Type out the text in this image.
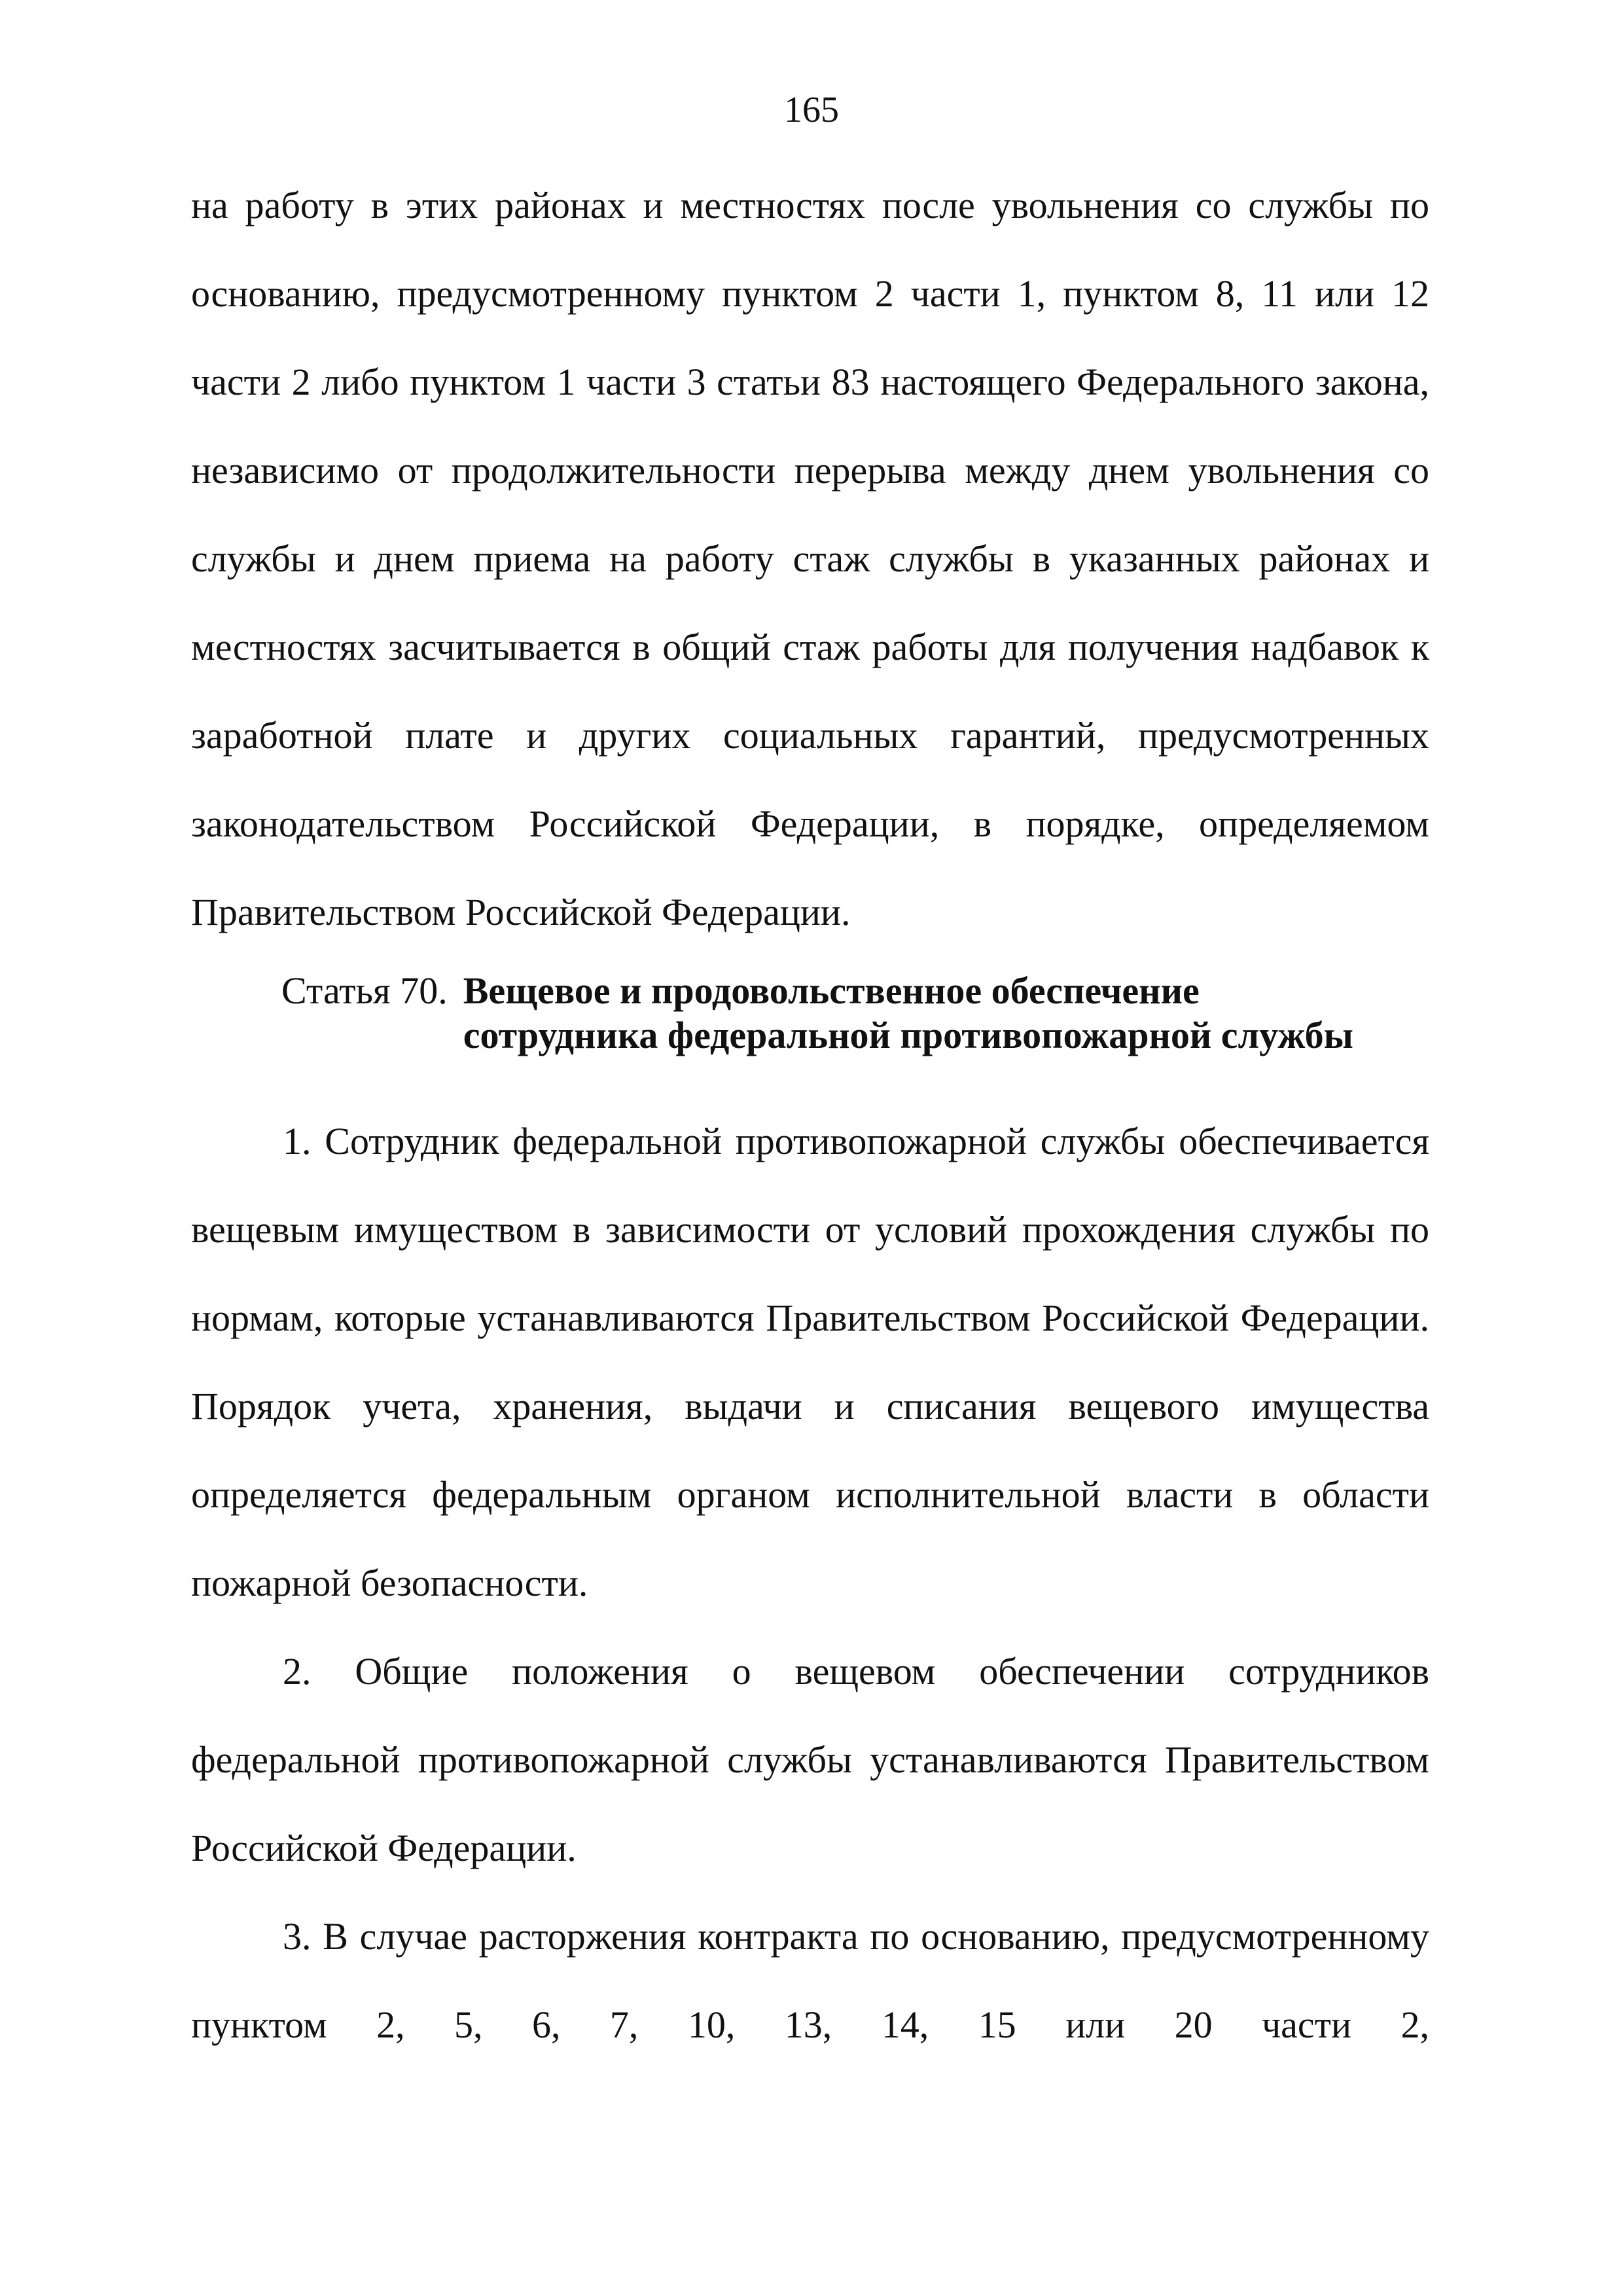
165

на работу в этих районах и местностях после увольнения со службы по основанию, предусмотренному пунктом 2 части 1, пунктом 8, 11 или 12 части 2 либо пунктом 1 части 3 статьи 83 настоящего Федерального закона, независимо от продолжительности перерыва между днем увольнения со службы и днем приема на работу стаж службы в указанных районах и местностях засчитывается в общий стаж работы для получения надбавок к заработной плате и других социальных гарантий, предусмотренных законодательством Российской Федерации, в порядке, определяемом Правительством Российской Федерации.

Статья 70. Вещевое и продовольственное обеспечение
сотрудника федеральной противопожарной службы

1. Сотрудник федеральной противопожарной службы обеспечивается вещевым имуществом в зависимости от условий прохождения службы по нормам, которые устанавливаются Правительством Российской Федерации. Порядок учета, хранения, выдачи и списания вещевого имущества определяется федеральным органом исполнительной власти в области пожарной безопасности.

2. Общие положения о вещевом обеспечении сотрудников федеральной противопожарной службы устанавливаются Правительством Российской Федерации.

3. В случае расторжения контракта по основанию, предусмотренному пунктом 2, 5, 6, 7, 10, 13, 14, 15 или 20 части 2,
